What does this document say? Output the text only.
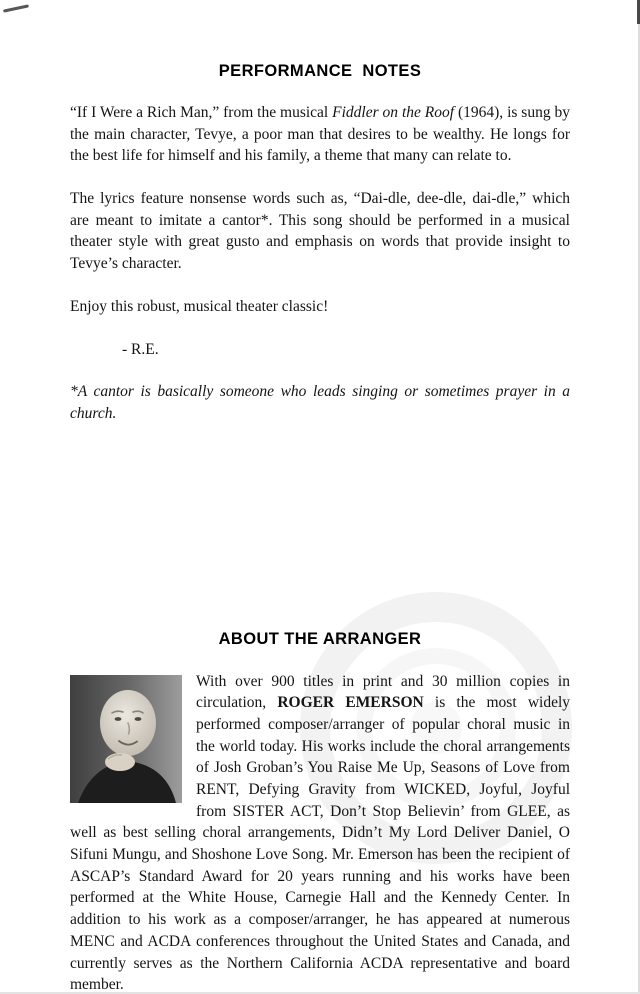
PERFORMANCE  NOTES

“If I Were a Rich Man,” from the musical Fiddler on the Roof (1964), is sung by the main character, Tevye, a poor man that desires to be wealthy. He longs for the best life for himself and his family, a theme that many can relate to.

The lyrics feature nonsense words such as, “Dai-dle, dee-dle, dai-dle,” which are meant to imitate a cantor*. This song should be performed in a musical theater style with great gusto and emphasis on words that provide insight to Tevye’s character.

Enjoy this robust, musical theater classic!

- R.E.

*A cantor is basically someone who leads singing or sometimes prayer in a church.

ABOUT THE ARRANGER

With over 900 titles in print and 30 million copies in circulation, ROGER EMERSON is the most widely performed composer/arranger of popular choral music in the world today. His works include the choral arrangements of Josh Groban’s You Raise Me Up, Seasons of Love from RENT, Defying Gravity from WICKED, Joyful, Joyful from SISTER ACT, Don’t Stop Believin’ from GLEE, as well as best selling choral arrangements, Didn’t My Lord Deliver Daniel, O Sifuni Mungu, and Shoshone Love Song. Mr. Emerson has been the recipient of ASCAP’s Standard Award for 20 years running and his works have been performed at the White House, Carnegie Hall and the Kennedy Center. In addition to his work as a composer/arranger, he has appeared at numerous MENC and ACDA conferences throughout the United States and Canada, and currently serves as the Northern California ACDA representative and board member.
